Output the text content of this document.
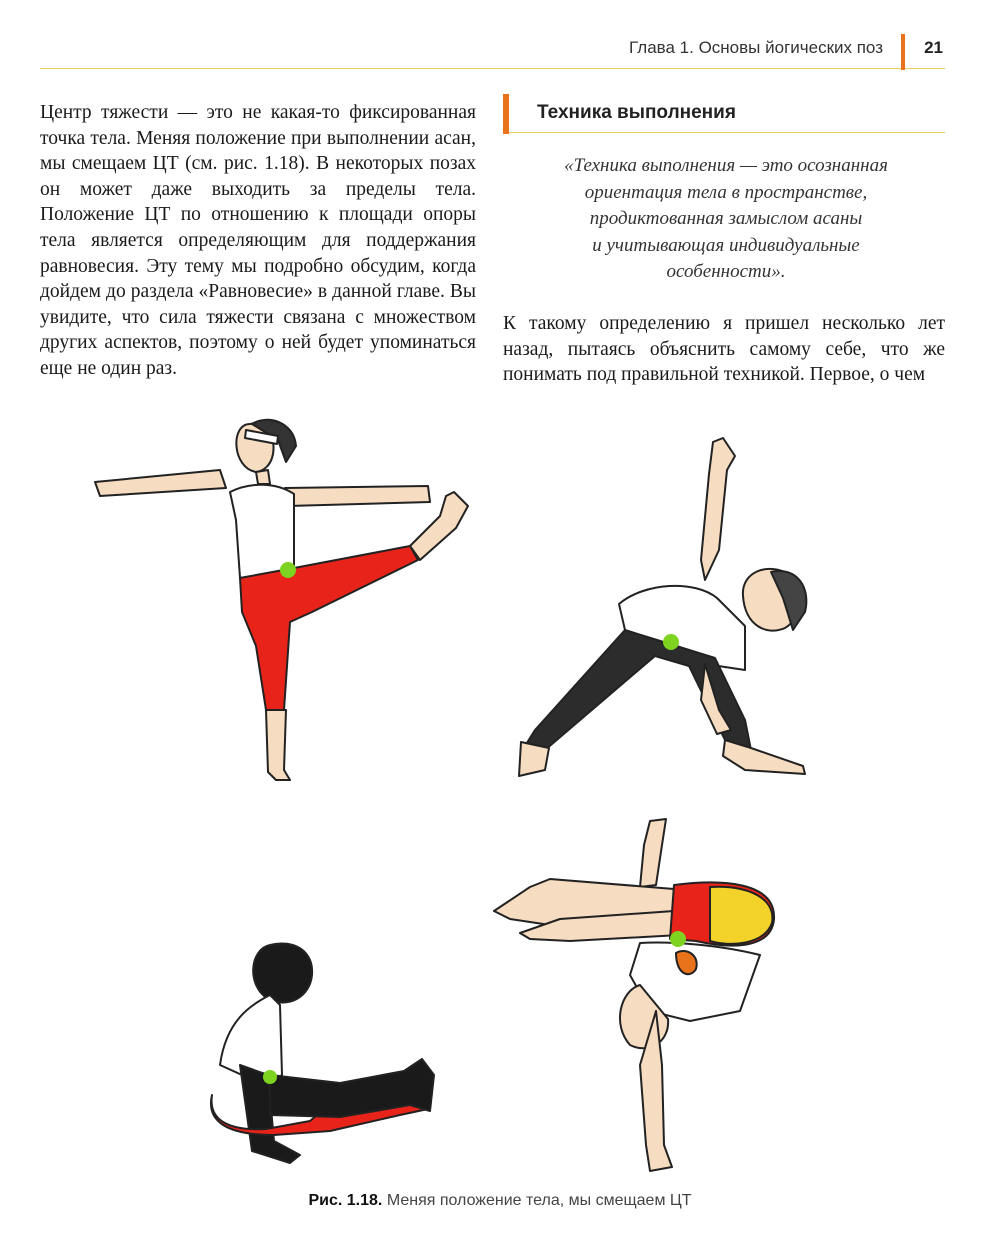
Глава 1. Основы йогических поз 21

Центр тяжести — это не какая-то фиксированная точка тела. Меняя положение при выполнении асан, мы смещаем ЦТ (см. рис. 1.18). В некоторых позах он может даже выходить за пределы тела. Положение ЦТ по отношению к площади опоры тела является определяющим для поддержания равновесия. Эту тему мы подробно обсудим, когда дойдем до раздела «Равновесие» в данной главе. Вы увидите, что сила тяжести связана с множеством других аспектов, поэтому о ней будет упоминаться еще не один раз.

Техника выполнения
«Техника выполнения — это осознанная
ориентация тела в пространстве,
продиктованная замыслом асаны
и учитывающая индивидуальные
особенности».

К такому определению я пришел несколько лет назад, пытаясь объяснить самому себе, что же понимать под правильной техникой. Первое, о чем

Рис. 1.18. Меняя положение тела, мы смещаем ЦТ
